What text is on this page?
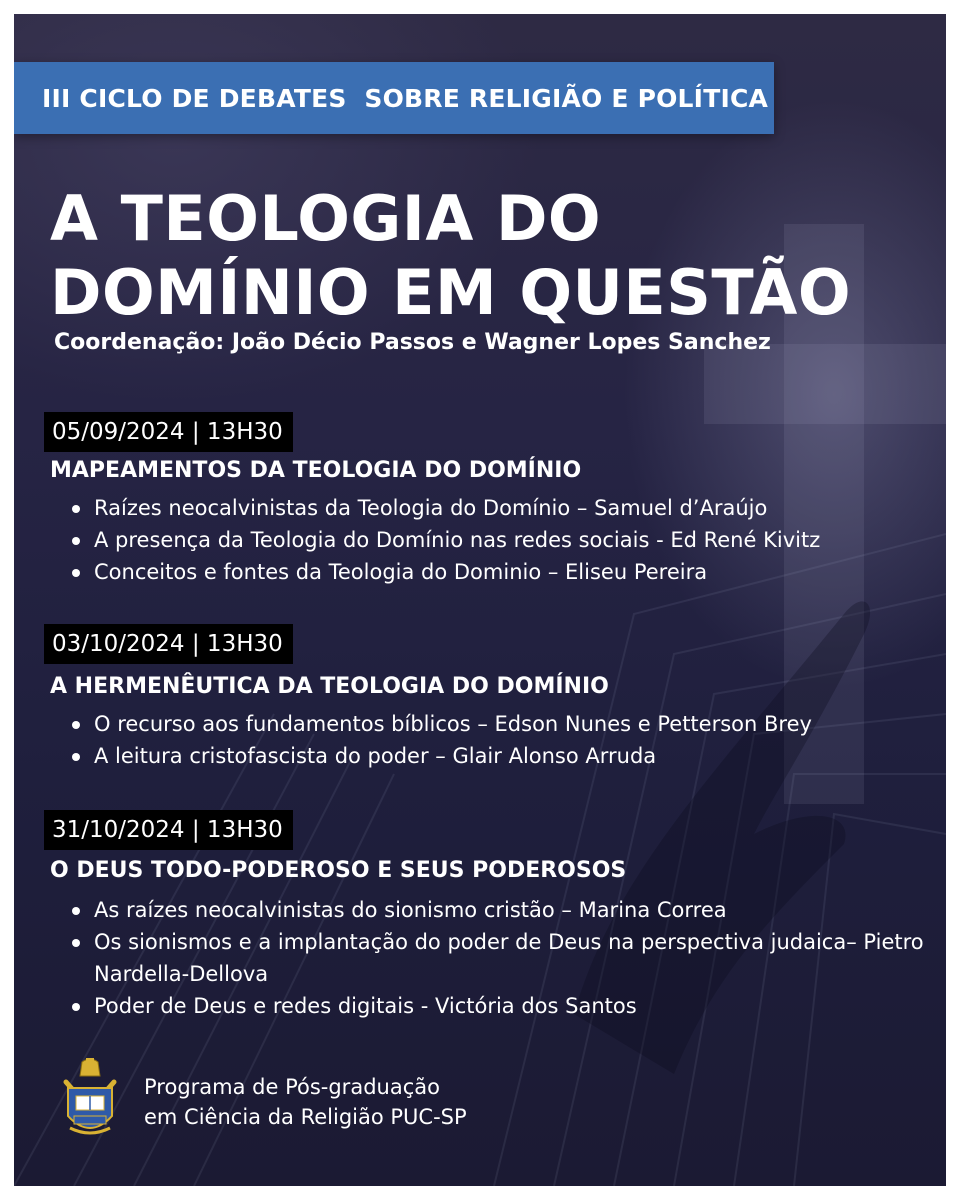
III CICLO DE DEBATES  SOBRE RELIGIÃO E POLÍTICA
A TEOLOGIA DO
DOMÍNIO EM QUESTÃO
Coordenação: João Décio Passos e Wagner Lopes Sanchez
05/09/2024 | 13H30
MAPEAMENTOS DA TEOLOGIA DO DOMÍNIO
Raízes neocalvinistas da Teologia do Domínio – Samuel d’Araújo
A presença da Teologia do Domínio nas redes sociais - Ed René Kivitz
Conceitos e fontes da Teologia do Dominio – Eliseu Pereira
03/10/2024 | 13H30
A HERMENÊUTICA DA TEOLOGIA DO DOMÍNIO
O recurso aos fundamentos bíblicos – Edson Nunes e Petterson Brey
A leitura cristofascista do poder – Glair Alonso Arruda
31/10/2024 | 13H30
O DEUS TODO-PODEROSO E SEUS PODEROSOS
As raízes neocalvinistas do sionismo cristão – Marina Correa
Os sionismos e a implantação do poder de Deus na perspectiva judaica– Pietro Nardella-Dellova
Poder de Deus e redes digitais - Victória dos Santos
Programa de Pós-graduação
em Ciência da Religião PUC-SP
